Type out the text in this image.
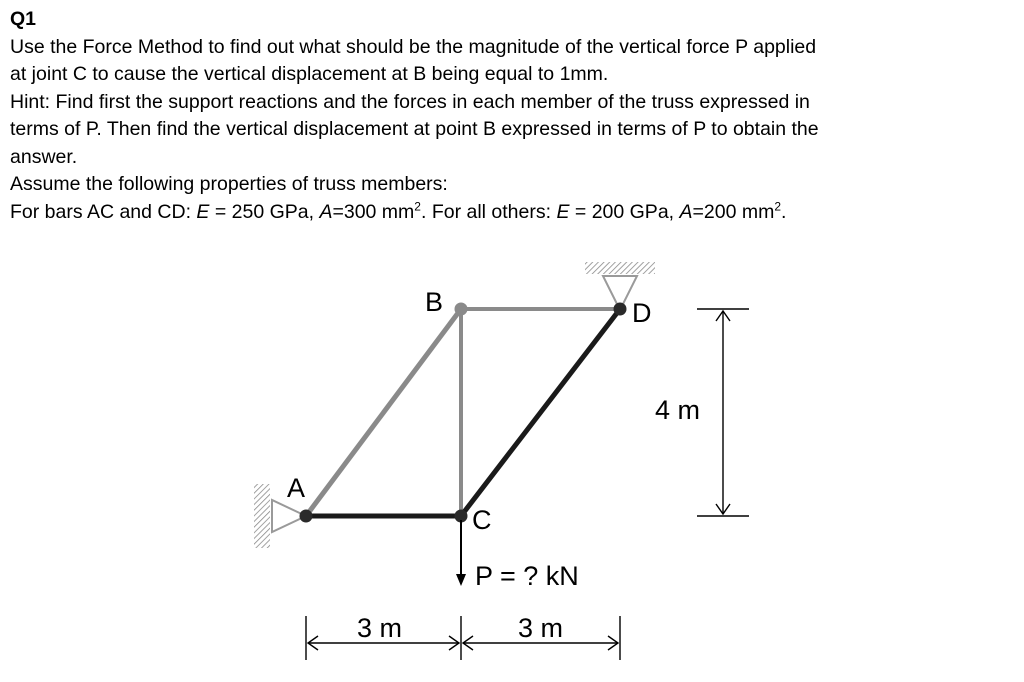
Q1

Use the Force Method to find out what should be the magnitude of the vertical force P applied

at joint C to cause the vertical displacement at B being equal to 1mm.

Hint: Find first the support reactions and the forces in each member of the truss expressed in

terms of P. Then find the vertical displacement at point B expressed in terms of P to obtain the

answer.

Assume the following properties of truss members:

For bars AC and CD: E = 250 GPa, A=300 $mm^2$. For all others: E = 200 GPa, A=200 $mm^2$.

A
B
C
D
P = ? kN
4 m
3 m	3 m
